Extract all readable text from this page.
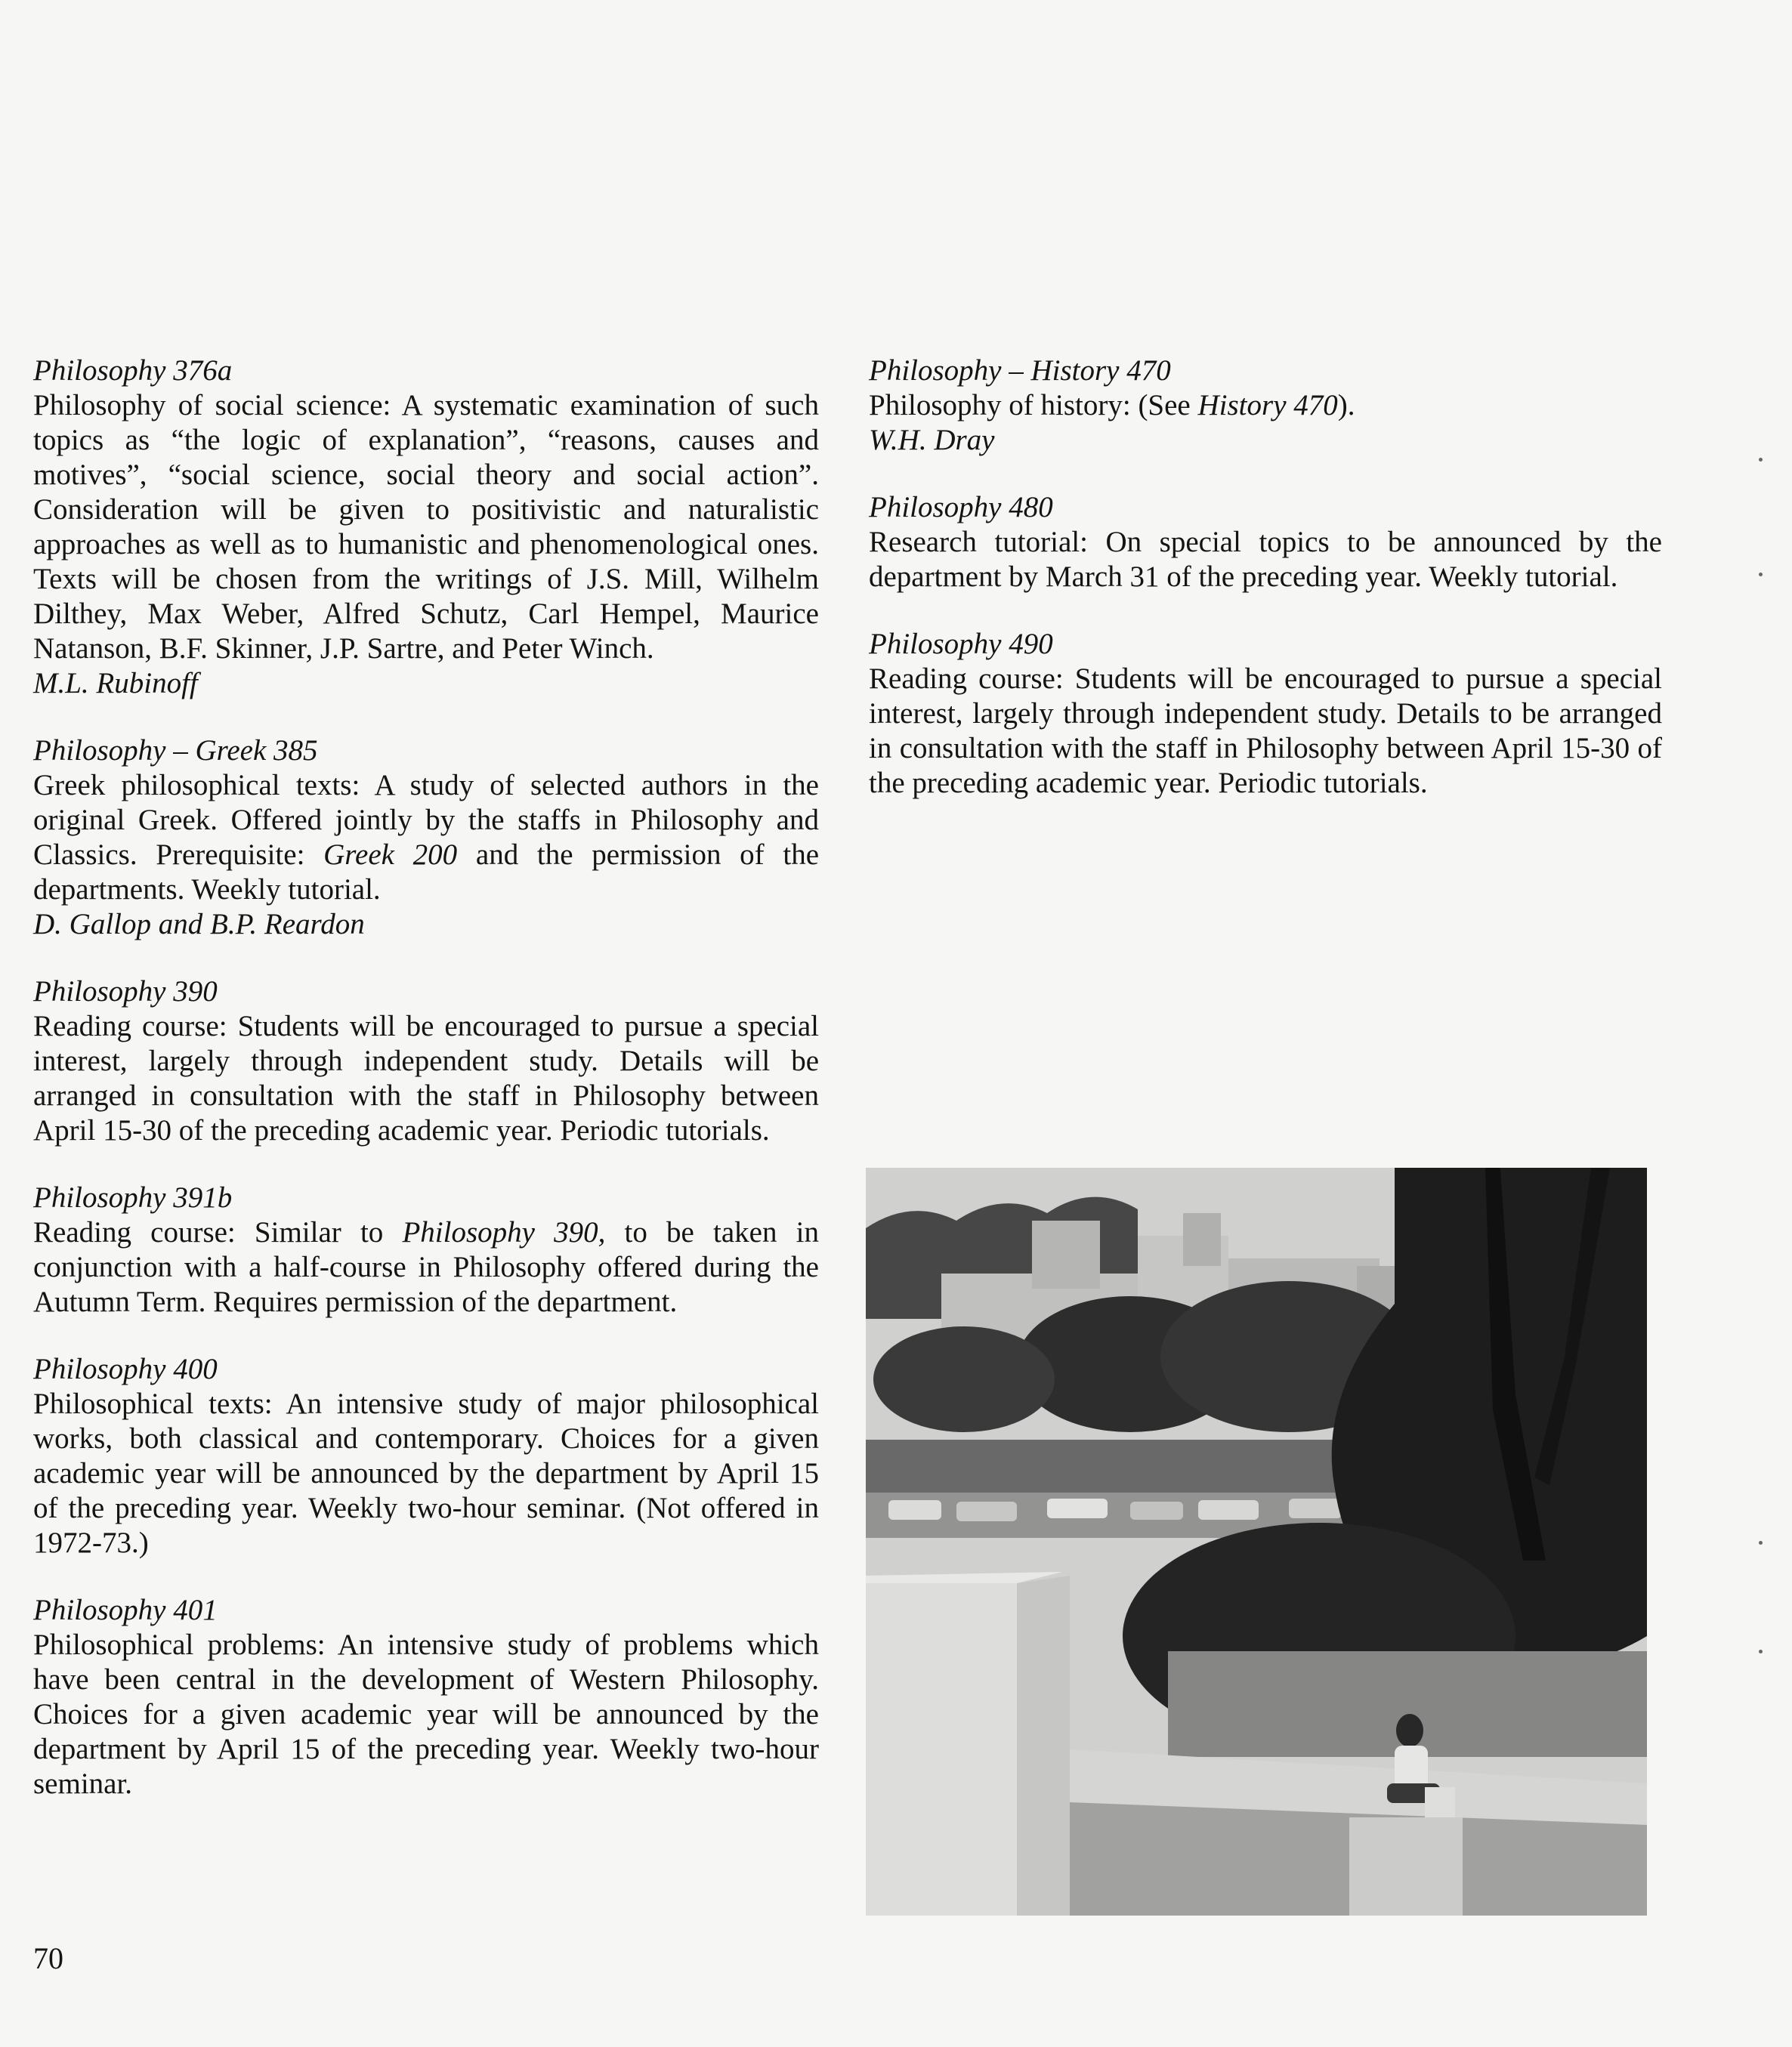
Philosophy 376a

Philosophy of social science: A systematic examination of such topics as “the logic of explanation”, “reasons, causes and motives”, “social science, social theory and social action”. Consideration will be given to positivistic and naturalistic approaches as well as to humanistic and phenomenological ones. Texts will be chosen from the writings of J.S. Mill, Wilhelm Dilthey, Max Weber, Alfred Schutz, Carl Hempel, Maurice Natanson, B.F. Skinner, J.P. Sartre, and Peter Winch.

M.L. Rubinoff

Philosophy – Greek 385

Greek philosophical texts: A study of selected authors in the original Greek. Offered jointly by the staffs in Philosophy and Classics. Prerequisite: Greek 200 and the permission of the departments. Weekly tutorial.

D. Gallop and B.P. Reardon

Philosophy 390

Reading course: Students will be encouraged to pursue a special interest, largely through independent study. Details will be arranged in consultation with the staff in Philosophy between April 15-30 of the preceding academic year. Periodic tutorials.

Philosophy 391b

Reading course: Similar to Philosophy 390, to be taken in conjunction with a half-course in Philosophy offered during the Autumn Term. Requires permission of the department.

Philosophy 400

Philosophical texts: An intensive study of major philosophical works, both classical and contemporary. Choices for a given academic year will be announced by the department by April 15 of the preceding year. Weekly two-hour seminar. (Not offered in 1972-73.)

Philosophy 401

Philosophical problems: An intensive study of problems which have been central in the development of Western Philosophy. Choices for a given academic year will be announced by the department by April 15 of the preceding year. Weekly two-hour seminar.

Philosophy – History 470

Philosophy of history: (See History 470).

W.H. Dray

Philosophy 480

Research tutorial: On special topics to be announced by the department by March 31 of the preceding year. Weekly tutorial.

Philosophy 490

Reading course: Students will be encouraged to pursue a special interest, largely through independent study. Details to be arranged in consultation with the staff in Philosophy between April 15-30 of the preceding academic year. Periodic tutorials.

70
